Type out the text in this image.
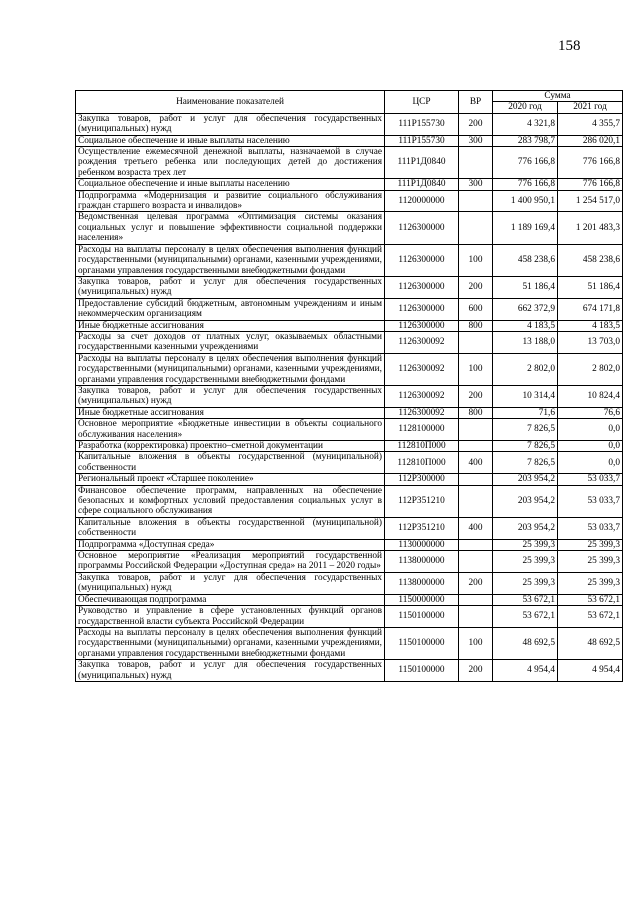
158
Наименование показателей	ЦСР	ВР	Сумма	
			2020 год	2021 год
Закупка товаров, работ и услуг для обеспечения государственных (муниципальных) нужд	111P155730	200	4 321,8	4 355,7
Социальное обеспечение и иные выплаты населению	111P155730	300	283 798,7	286 020,1
Осуществление ежемесячной денежной выплаты, назначаемой в случае рождения третьего ребенка или последующих детей до достижения ребенком возраста трех лет	111P1Д0840		776 166,8	776 166,8
Социальное обеспечение и иные выплаты населению	111P1Д0840	300	776 166,8	776 166,8
Подпрограмма «Модернизация и развитие социального обслуживания граждан старшего возраста и инвалидов»	1120000000		1 400 950,1	1 254 517,0
Ведомственная целевая программа «Оптимизация системы оказания социальных услуг и повышение эффективности социальной поддержки населения»	1126300000		1 189 169,4	1 201 483,3
Расходы на выплаты персоналу в целях обеспечения выполнения функций государственными (муниципальными) органами, казенными учреждениями, органами управления государственными внебюджетными фондами	1126300000	100	458 238,6	458 238,6
Закупка товаров, работ и услуг для обеспечения государственных (муниципальных) нужд	1126300000	200	51 186,4	51 186,4
Предоставление субсидий бюджетным, автономным учреждениям и иным некоммерческим организациям	1126300000	600	662 372,9	674 171,8
Иные бюджетные ассигнования	1126300000	800	4 183,5	4 183,5
Расходы за счет доходов от платных услуг, оказываемых областными государственными казенными учреждениями	1126300092		13 188,0	13 703,0
Расходы на выплаты персоналу в целях обеспечения выполнения функций государственными (муниципальными) органами, казенными учреждениями, органами управления государственными внебюджетными фондами	1126300092	100	2 802,0	2 802,0
Закупка товаров, работ и услуг для обеспечения государственных (муниципальных) нужд	1126300092	200	10 314,4	10 824,4
Иные бюджетные ассигнования	1126300092	800	71,6	76,6
Основное мероприятие «Бюджетные инвестиции в объекты социального обслуживания населения»	1128100000		7 826,5	0,0
Разработка (корректировка) проектно–сметной документации	112810П000		7 826,5	0,0
Капитальные вложения в объекты государственной (муниципальной) собственности	112810П000	400	7 826,5	0,0
Региональный проект «Старшее поколение»	112P300000		203 954,2	53 033,7
Финансовое обеспечение программ, направленных на обеспечение безопасных и комфортных условий предоставления социальных услуг в сфере социального обслуживания	112P351210		203 954,2	53 033,7
Капитальные вложения в объекты государственной (муниципальной) собственности	112P351210	400	203 954,2	53 033,7
Подпрограмма «Доступная среда»	1130000000		25 399,3	25 399,3
Основное мероприятие «Реализация мероприятий государственной программы Российской Федерации «Доступная среда» на 2011 – 2020 годы»	1138000000		25 399,3	25 399,3
Закупка товаров, работ и услуг для обеспечения государственных (муниципальных) нужд	1138000000	200	25 399,3	25 399,3
Обеспечивающая подпрограмма	1150000000		53 672,1	53 672,1
Руководство и управление в сфере установленных функций органов государственной власти субъекта Российской Федерации	1150100000		53 672,1	53 672,1
Расходы на выплаты персоналу в целях обеспечения выполнения функций государственными (муниципальными) органами, казенными учреждениями, органами управления государственными внебюджетными фондами	1150100000	100	48 692,5	48 692,5
Закупка товаров, работ и услуг для обеспечения государственных (муниципальных) нужд	1150100000	200	4 954,4	4 954,4
